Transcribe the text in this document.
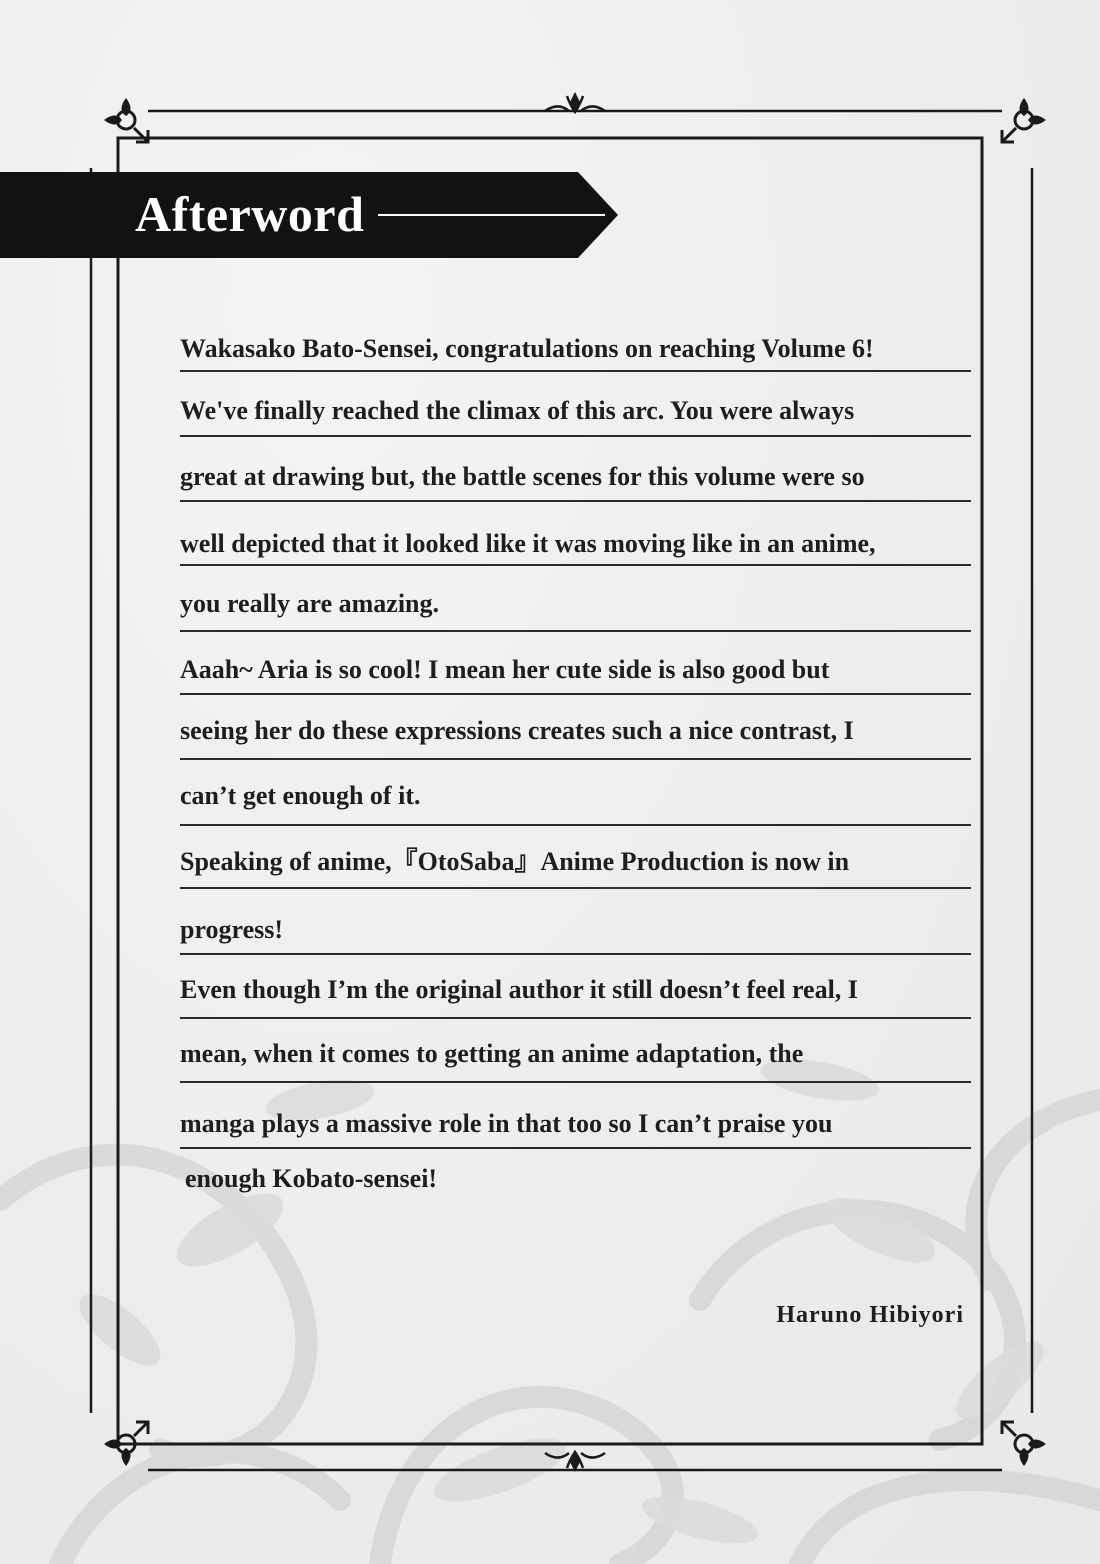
Afterword
Wakasako Bato-Sensei, congratulations on reaching Volume 6!
We've finally reached the climax of this arc. You were always
great at drawing but, the battle scenes for this volume were so
well depicted that it looked like it was moving like in an anime,
you really are amazing.
Aaah~ Aria is so cool! I mean her cute side is also good but
seeing her do these expressions creates such a nice contrast, I
can’t get enough of it.
Speaking of anime,『OtoSaba』Anime Production is now in
progress!
Even though I’m the original author it still doesn’t feel real, I
mean, when it comes to getting an anime adaptation, the
manga plays a massive role in that too so I can’t praise you
enough Kobato-sensei!
Haruno Hibiyori
